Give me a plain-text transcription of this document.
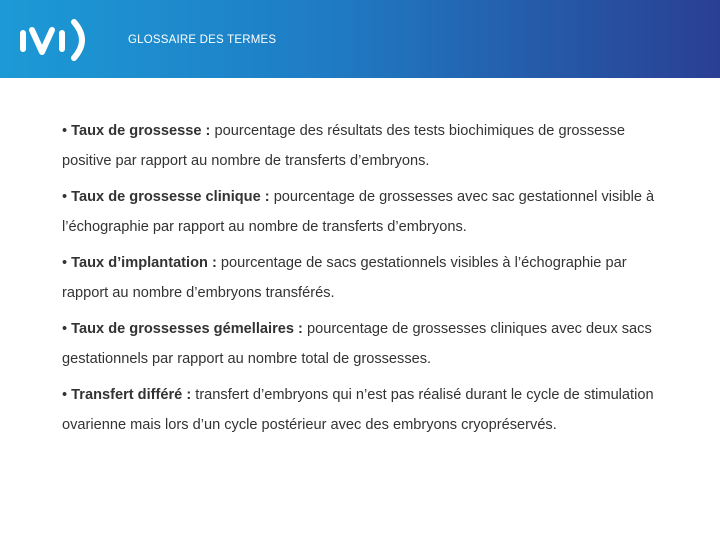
GLOSSAIRE DES TERMES

• Taux de grossesse : pourcentage des résultats des tests biochimiques de grossesse positive par rapport au nombre de transferts d’embryons.

• Taux de grossesse clinique : pourcentage de grossesses avec sac gestationnel visible à l’échographie par rapport au nombre de transferts d’embryons.

• Taux d’implantation : pourcentage de sacs gestationnels visibles à l’échographie par rapport au nombre d’embryons transférés.

• Taux de grossesses gémellaires : pourcentage de grossesses cliniques avec deux sacs gestationnels par rapport au nombre total de grossesses.

• Transfert différé : transfert d’embryons qui n’est pas réalisé durant le cycle de stimulation ovarienne mais lors d’un cycle postérieur avec des embryons cryopréservés.
